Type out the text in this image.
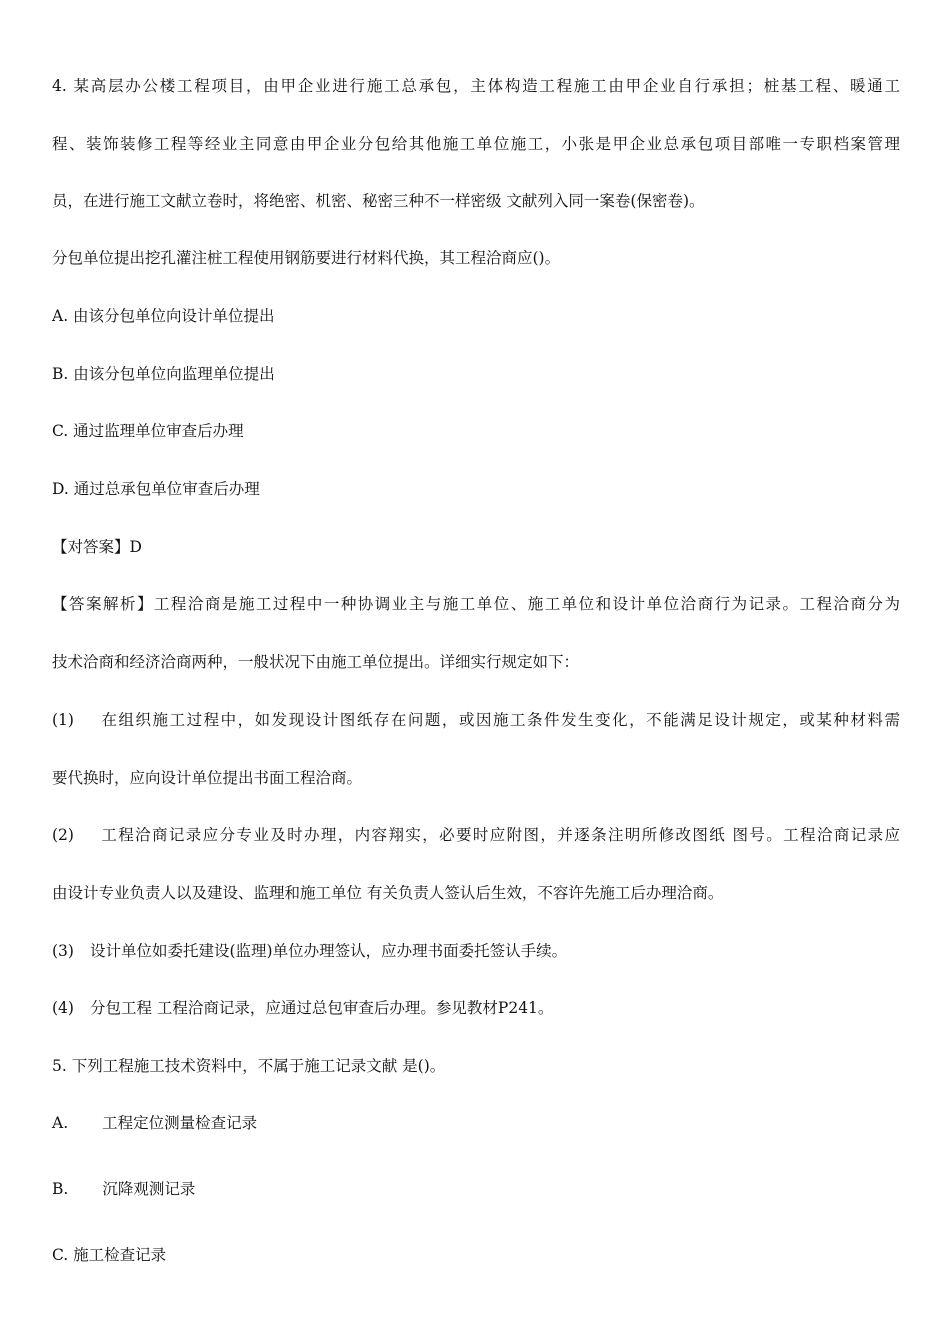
4. 某高层办公楼工程项目，由甲企业进行施工总承包，主体构造工程施工由甲企业自行承担；桩基工程、暖通工
程、装饰装修工程等经业主同意由甲企业分包给其他施工单位施工，小张是甲企业总承包项目部唯一专职档案管理
员，在进行施工文献立卷时，将绝密、机密、秘密三种不一样密级 文献列入同一案卷(保密卷)。
分包单位提出挖孔灌注桩工程使用钢筋要进行材料代换，其工程洽商应()。
A. 由该分包单位向设计单位提出
B. 由该分包单位向监理单位提出
C. 通过监理单位审查后办理
D. 通过总承包单位审查后办理
【对答案】D
【答案解析】工程洽商是施工过程中一种协调业主与施工单位、施工单位和设计单位洽商行为记录。工程洽商分为
技术洽商和经济洽商两种，一般状况下由施工单位提出。详细实行规定如下：
(1) 在组织施工过程中，如发现设计图纸存在问题，或因施工条件发生变化，不能满足设计规定，或某种材料需
要代换时，应向设计单位提出书面工程洽商。
(2) 工程洽商记录应分专业及时办理，内容翔实，必要时应附图，并逐条注明所修改图纸 图号。工程洽商记录应
由设计专业负责人以及建设、监理和施工单位 有关负责人签认后生效，不容许先施工后办理洽商。
(3) 设计单位如委托建设(监理)单位办理签认，应办理书面委托签认手续。
(4) 分包工程 工程洽商记录，应通过总包审查后办理。参见教材P241。
5. 下列工程施工技术资料中，不属于施工记录文献 是()。
A. 工程定位测量检查记录
B. 沉降观测记录
C. 施工检查记录
